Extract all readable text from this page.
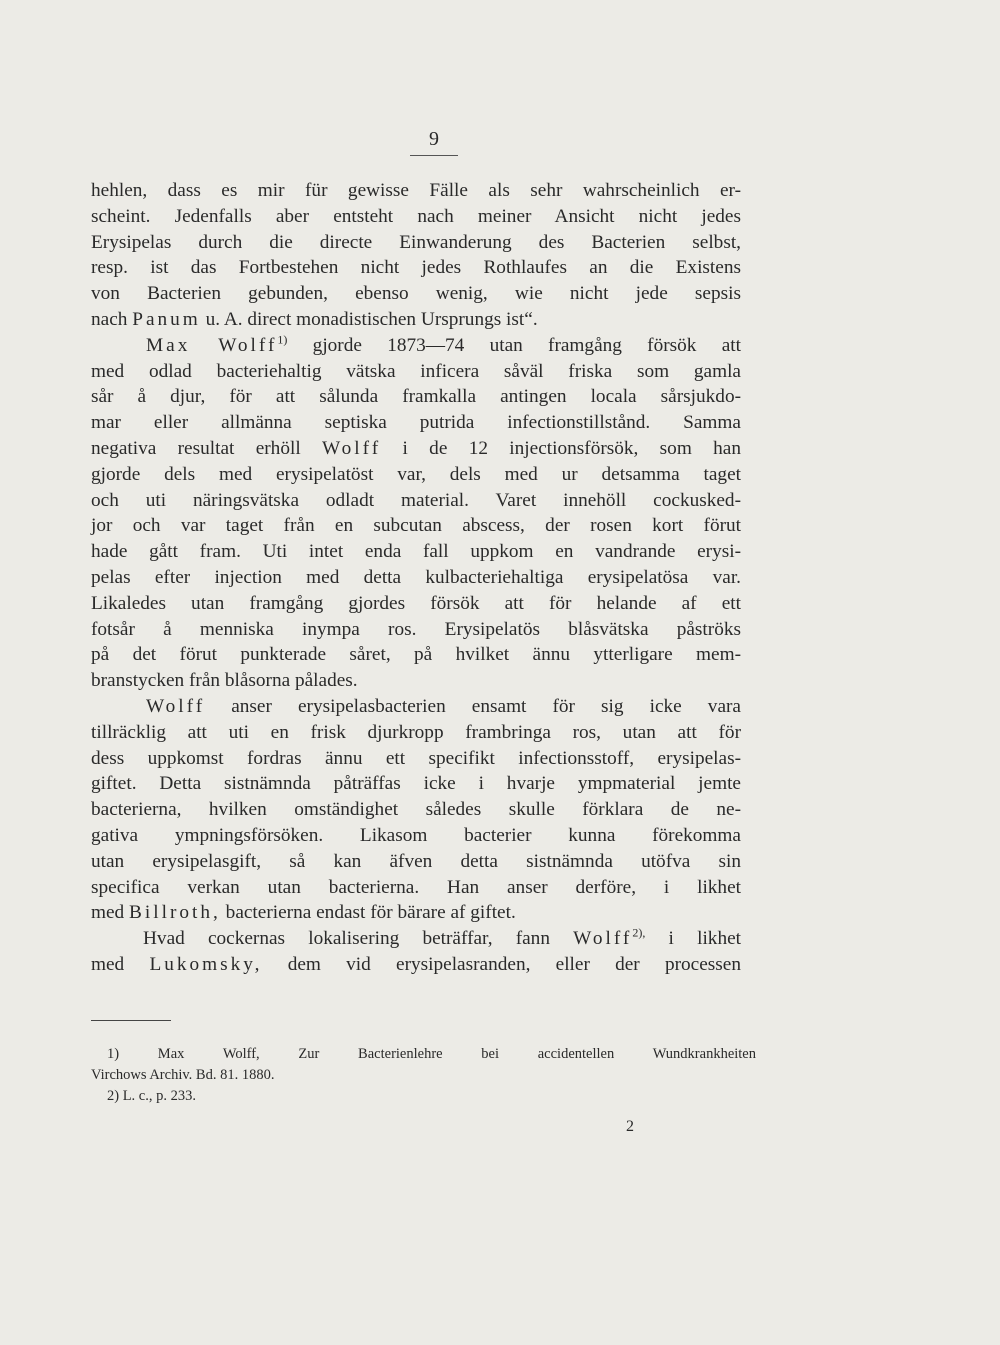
9
hehlen, dass es mir für gewisse Fälle als sehr wahrscheinlich er-
scheint. Jedenfalls aber entsteht nach meiner Ansicht nicht jedes
Erysipelas durch die directe Einwanderung des Bacterien selbst,
resp. ist das Fortbestehen nicht jedes Rothlaufes an die Existens
von Bacterien gebunden, ebenso wenig, wie nicht jede sepsis
nach Panum u. A. direct monadistischen Ursprungs ist“.
Max Wolff$^{1)}$ gjorde 1873—74 utan framgång försök att
med odlad bacteriehaltig vätska inficera såväl friska som gamla
sår å djur, för att sålunda framkalla antingen locala sårsjukdo-
mar eller allmänna septiska putrida infectionstillstånd. Samma
negativa resultat erhöll Wolff i de 12 injectionsförsök, som han
gjorde dels med erysipelatöst var, dels med ur detsamma taget
och uti näringsvätska odladt material. Varet innehöll cockusked-
jor och var taget från en subcutan abscess, der rosen kort förut
hade gått fram. Uti intet enda fall uppkom en vandrande erysi-
pelas efter injection med detta kulbacteriehaltiga erysipelatösa var.
Likaledes utan framgång gjordes försök att för helande af ett
fotsår å menniska inympa ros. Erysipelatös blåsvätska påströks
på det förut punkterade såret, på hvilket ännu ytterligare mem-
branstycken från blåsorna pålades.
Wolff anser erysipelasbacterien ensamt för sig icke vara
tillräcklig att uti en frisk djurkropp frambringa ros, utan att för
dess uppkomst fordras ännu ett specifikt infectionsstoff, erysipelas-
giftet. Detta sistnämnda påträffas icke i hvarje ympmaterial jemte
bacterierna, hvilken omständighet således skulle förklara de ne-
gativa ympningsförsöken. Likasom bacterier kunna förekomma
utan erysipelasgift, så kan äfven detta sistnämnda utöfva sin
specifica verkan utan bacterierna. Han anser derföre, i likhet
med Billroth, bacterierna endast för bärare af giftet.
Hvad cockernas lokalisering beträffar, fann Wolff$^{2),}$ i likhet
med Lukomsky, dem vid erysipelasranden, eller der processen
1) Max Wolff, Zur Bacterienlehre bei accidentellen Wundkrankheiten
Virchows Archiv. Bd. 81. 1880.
2) L. c., p. 233.
2
